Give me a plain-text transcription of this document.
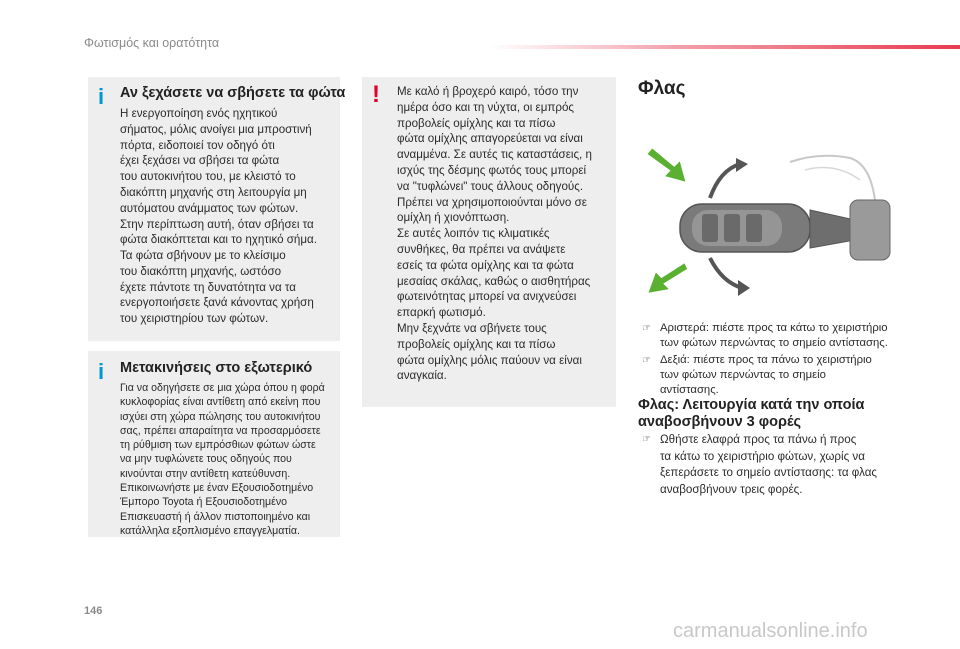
Φωτισμός και ορατότητα
i Αν ξεχάσετε να σβήσετε τα φώτα

Η ενεργοποίηση ενός ηχητικού
σήματος, μόλις ανοίγει μια μπροστινή
πόρτα, ειδοποιεί τον οδηγό ότι
έχει ξεχάσει να σβήσει τα φώτα
του αυτοκινήτου του, με κλειστό το
διακόπτη μηχανής στη λειτουργία μη
αυτόματου ανάμματος των φώτων.
Στην περίπτωση αυτή, όταν σβήσει τα
φώτα διακόπτεται και το ηχητικό σήμα.

Τα φώτα σβήνουν με το κλείσιμο
του διακόπτη μηχανής, ωστόσο
έχετε πάντοτε τη δυνατότητα να τα
ενεργοποιήσετε ξανά κάνοντας χρήση
του χειριστηρίου των φώτων.

i Μετακινήσεις στο εξωτερικό

Για να οδηγήσετε σε μια χώρα όπου η φορά
κυκλοφορίας είναι αντίθετη από εκείνη που
ισχύει στη χώρα πώλησης του αυτοκινήτου
σας, πρέπει απαραίτητα να προσαρμόσετε
τη ρύθμιση των εμπρόσθιων φώτων ώστε
να μην τυφλώνετε τους οδηγούς που
κινούνται στην αντίθετη κατεύθυνση.
Επικοινωνήστε με έναν Εξουσιοδοτημένο
Έμπορο Toyota ή Εξουσιοδοτημένο
Επισκευαστή ή άλλον πιστοποιημένο και
κατάλληλα εξοπλισμένο επαγγελματία.

! Με καλό ή βροχερό καιρό, τόσο την
ημέρα όσο και τη νύχτα, οι εμπρός
προβολείς ομίχλης και τα πίσω
φώτα ομίχλης απαγορεύεται να είναι
αναμμένα. Σε αυτές τις καταστάσεις, η
ισχύς της δέσμης φωτός τους μπορεί
να "τυφλώνει" τους άλλους οδηγούς.
Πρέπει να χρησιμοποιούνται μόνο σε
ομίχλη ή χιονόπτωση.
Σε αυτές λοιπόν τις κλιματικές
συνθήκες, θα πρέπει να ανάψετε
εσείς τα φώτα ομίχλης και τα φώτα
μεσαίας σκάλας, καθώς ο αισθητήρας
φωτεινότητας μπορεί να ανιχνεύσει
επαρκή φωτισμό.
Μην ξεχνάτε να σβήνετε τους
προβολείς ομίχλης και τα πίσω
φώτα ομίχλης μόλις παύουν να είναι
αναγκαία.

Φλας
☞ Αριστερά: πιέστε προς τα κάτω το χειριστήριο
των φώτων περνώντας το σημείο αντίστασης.
☞ Δεξιά: πιέστε προς τα πάνω το χειριστήριο
των φώτων περνώντας το σημείο
αντίστασης.
Φλας: Λειτουργία κατά την οποία
αναβοσβήνουν 3 φορές
☞ Ωθήστε ελαφρά προς τα πάνω ή προς
τα κάτω το χειριστήριο φώτων, χωρίς να
ξεπεράσετε το σημείο αντίστασης: τα φλας
αναβοσβήνουν τρεις φορές.
146
carmanualsonline.info
